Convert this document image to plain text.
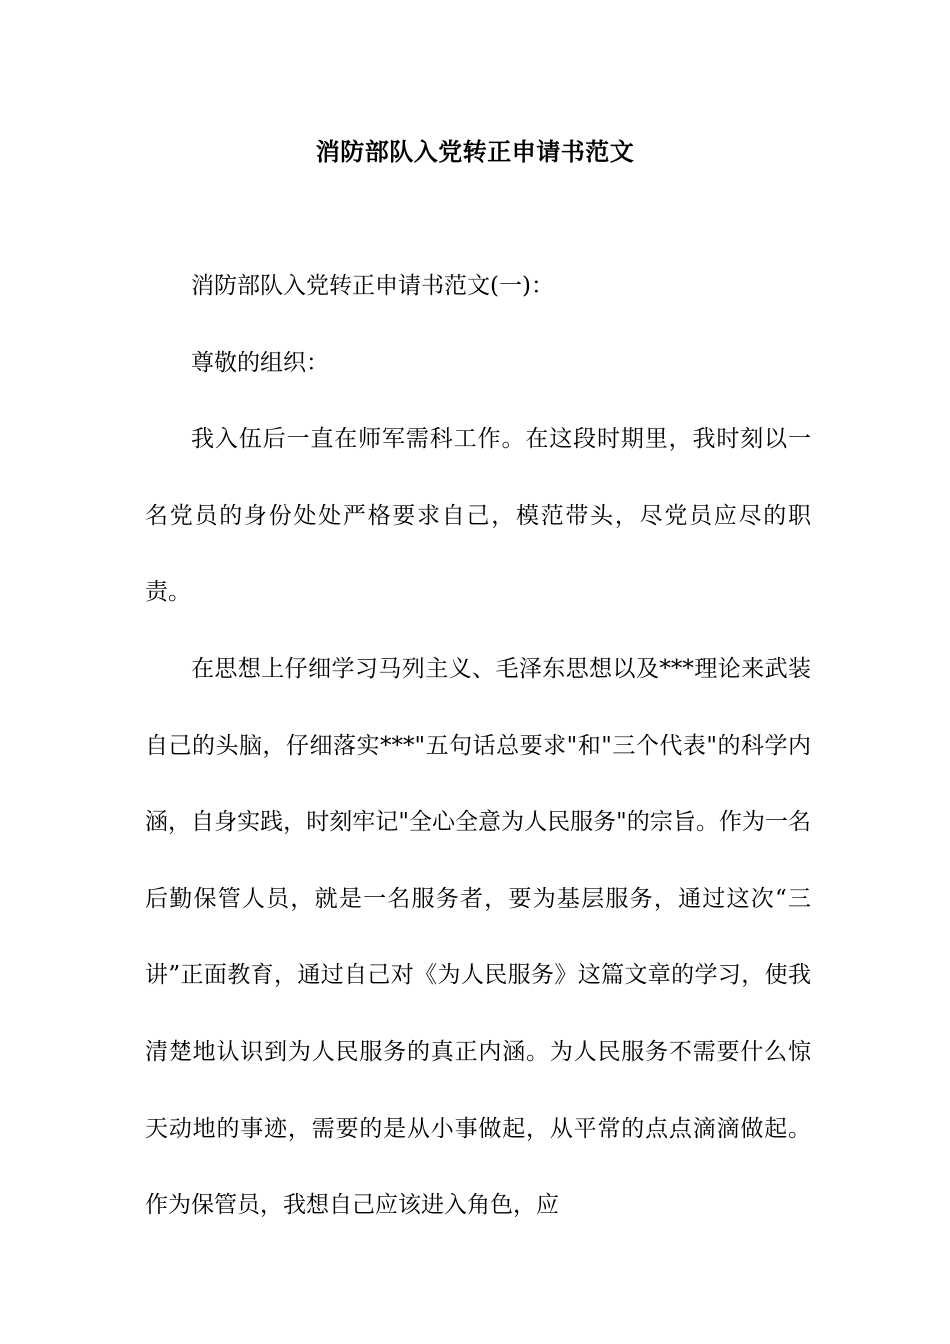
消防部队入党转正申请书范文

消防部队入党转正申请书范文(一)：

尊敬的组织：

我入伍后一直在师军需科工作。在这段时期里，我时刻以一名党员的身份处处严格要求自己，模范带头，尽党员应尽的职责。

在思想上仔细学习马列主义、毛泽东思想以及***理论来武装自己的头脑，仔细落实***"五句话总要求"和"三个代表"的科学内涵，自身实践，时刻牢记"全心全意为人民服务"的宗旨。作为一名后勤保管人员，就是一名服务者，要为基层服务，通过这次“三讲”正面教育，通过自己对《为人民服务》这篇文章的学习，使我清楚地认识到为人民服务的真正内涵。为人民服务不需要什么惊天动地的事迹，需要的是从小事做起，从平常的点点滴滴做起。作为保管员，我想自己应该进入角色，应
